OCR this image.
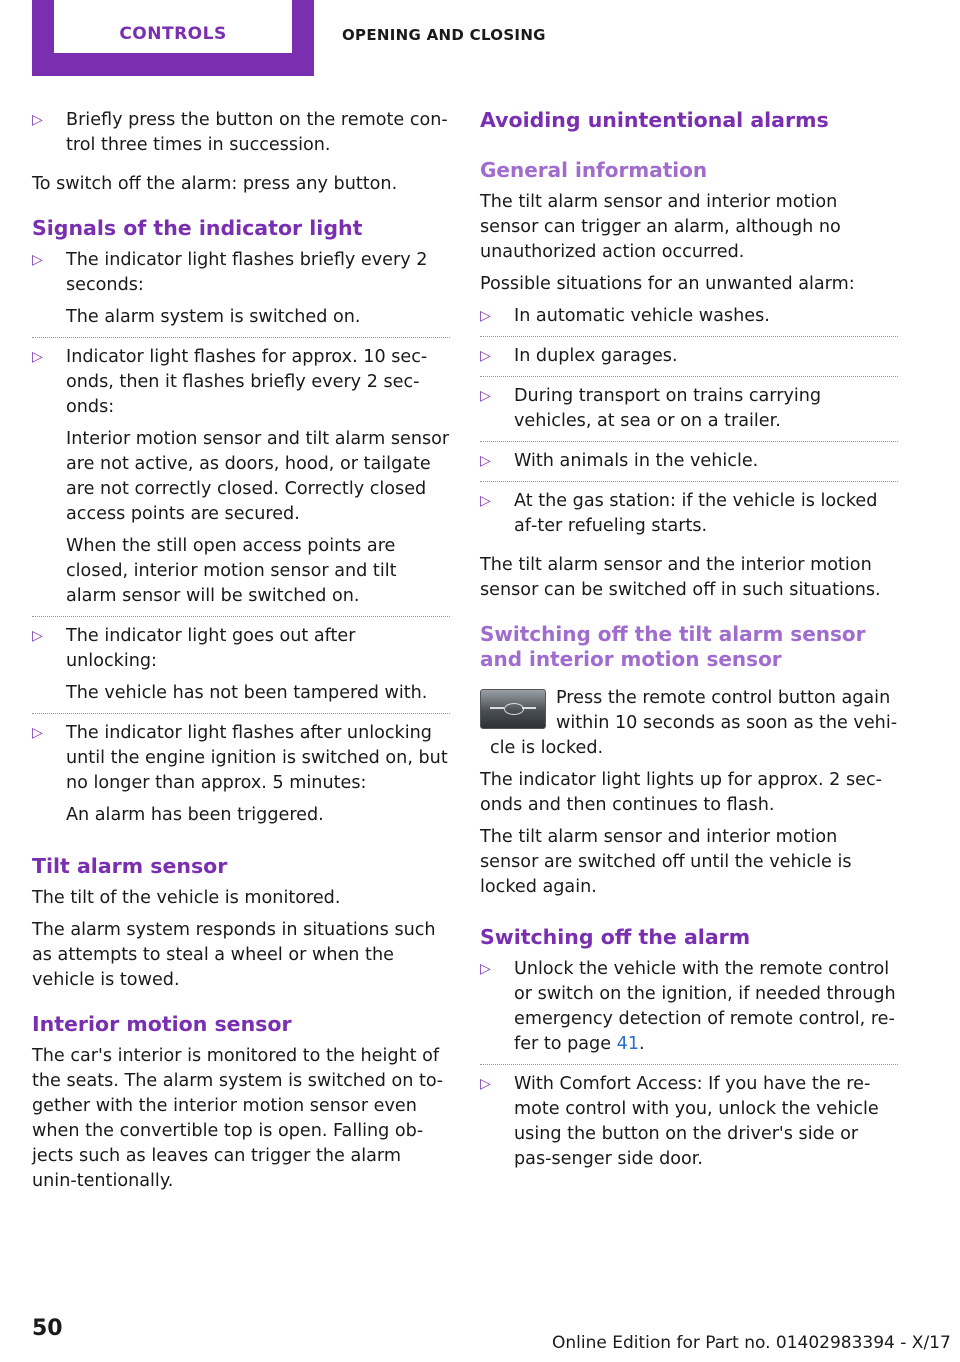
CONTROLS	OPENING AND CLOSING
▷ Briefly press the button on the remote con‐trol three times in succession.

To switch off the alarm: press any button.

Signals of the indicator light
▷ The indicator light flashes briefly every 2 seconds:

The alarm system is switched on.

▷ Indicator light flashes for approx. 10 sec‐onds, then it flashes briefly every 2 sec‐onds:

Interior motion sensor and tilt alarm sensor are not active, as doors, hood, or tailgate are not correctly closed. Correctly closed access points are secured.

When the still open access points are closed, interior motion sensor and tilt alarm sensor will be switched on.

▷ The indicator light goes out after unlocking:

The vehicle has not been tampered with.

▷ The indicator light flashes after unlocking until the engine ignition is switched on, but no longer than approx. 5 minutes:

An alarm has been triggered.

Tilt alarm sensor

The tilt of the vehicle is monitored.

The alarm system responds in situations such as attempts to steal a wheel or when the vehicle is towed.

Interior motion sensor

The car's interior is monitored to the height of the seats. The alarm system is switched on to‐gether with the interior motion sensor even when the convertible top is open. Falling ob‐jects such as leaves can trigger the alarm unin‐tentionally.

Avoiding unintentional alarms
General information

The tilt alarm sensor and interior motion sensor can trigger an alarm, although no unauthorized action occurred.

Possible situations for an unwanted alarm:

▷ In automatic vehicle washes.

▷ In duplex garages.

▷ During transport on trains carrying vehicles, at sea or on a trailer.

▷ With animals in the vehicle.

▷ At the gas station: if the vehicle is locked af‐ter refueling starts.

The tilt alarm sensor and the interior motion sensor can be switched off in such situations.

Switching off the tilt alarm sensor and interior motion sensor

Press the remote control button again within 10 seconds as soon as the vehi‐cle is locked.

The indicator light lights up for approx. 2 sec‐onds and then continues to flash.

The tilt alarm sensor and interior motion sensor are switched off until the vehicle is locked again.

Switching off the alarm
▷ Unlock the vehicle with the remote control or switch on the ignition, if needed through emergency detection of remote control, re‐fer to page 41.

▷ With Comfort Access: If you have the re‐mote control with you, unlock the vehicle using the button on the driver's side or pas‐senger side door.

50
Online Edition for Part no. 01402983394 - X/17
